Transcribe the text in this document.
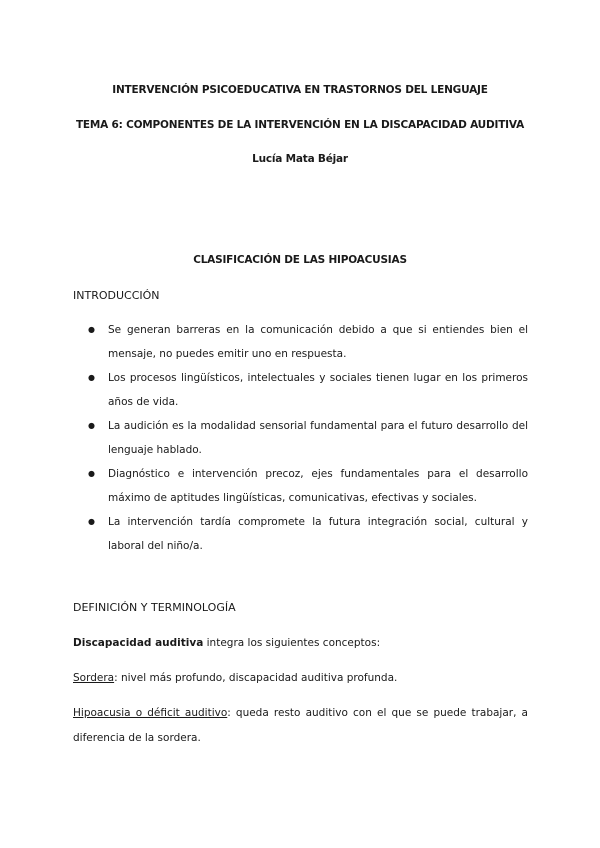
INTERVENCIÓN PSICOEDUCATIVA EN TRASTORNOS DEL LENGUAJE
TEMA 6: COMPONENTES DE LA INTERVENCIÓN EN LA DISCAPACIDAD AUDITIVA
Lucía Mata Béjar
CLASIFICACIÓN DE LAS HIPOACUSIAS
INTRODUCCIÓN
● Se generan barreras en la comunicación debido a que si entiendes bien el mensaje, no puedes emitir uno en respuesta.
● Los procesos lingüísticos, intelectuales y sociales tienen lugar en los primeros años de vida.
● La audición es la modalidad sensorial fundamental para el futuro desarrollo del lenguaje hablado.
● Diagnóstico e intervención precoz, ejes fundamentales para el desarrollo máximo de aptitudes lingüísticas, comunicativas, efectivas y sociales.
● La intervención tardía compromete la futura integración social, cultural y laboral del niño/a.
DEFINICIÓN Y TERMINOLOGÍA
Discapacidad auditiva integra los siguientes conceptos:
Sordera: nivel más profundo, discapacidad auditiva profunda.
Hipoacusia o déficit auditivo: queda resto auditivo con el que se puede trabajar, a diferencia de la sordera.
